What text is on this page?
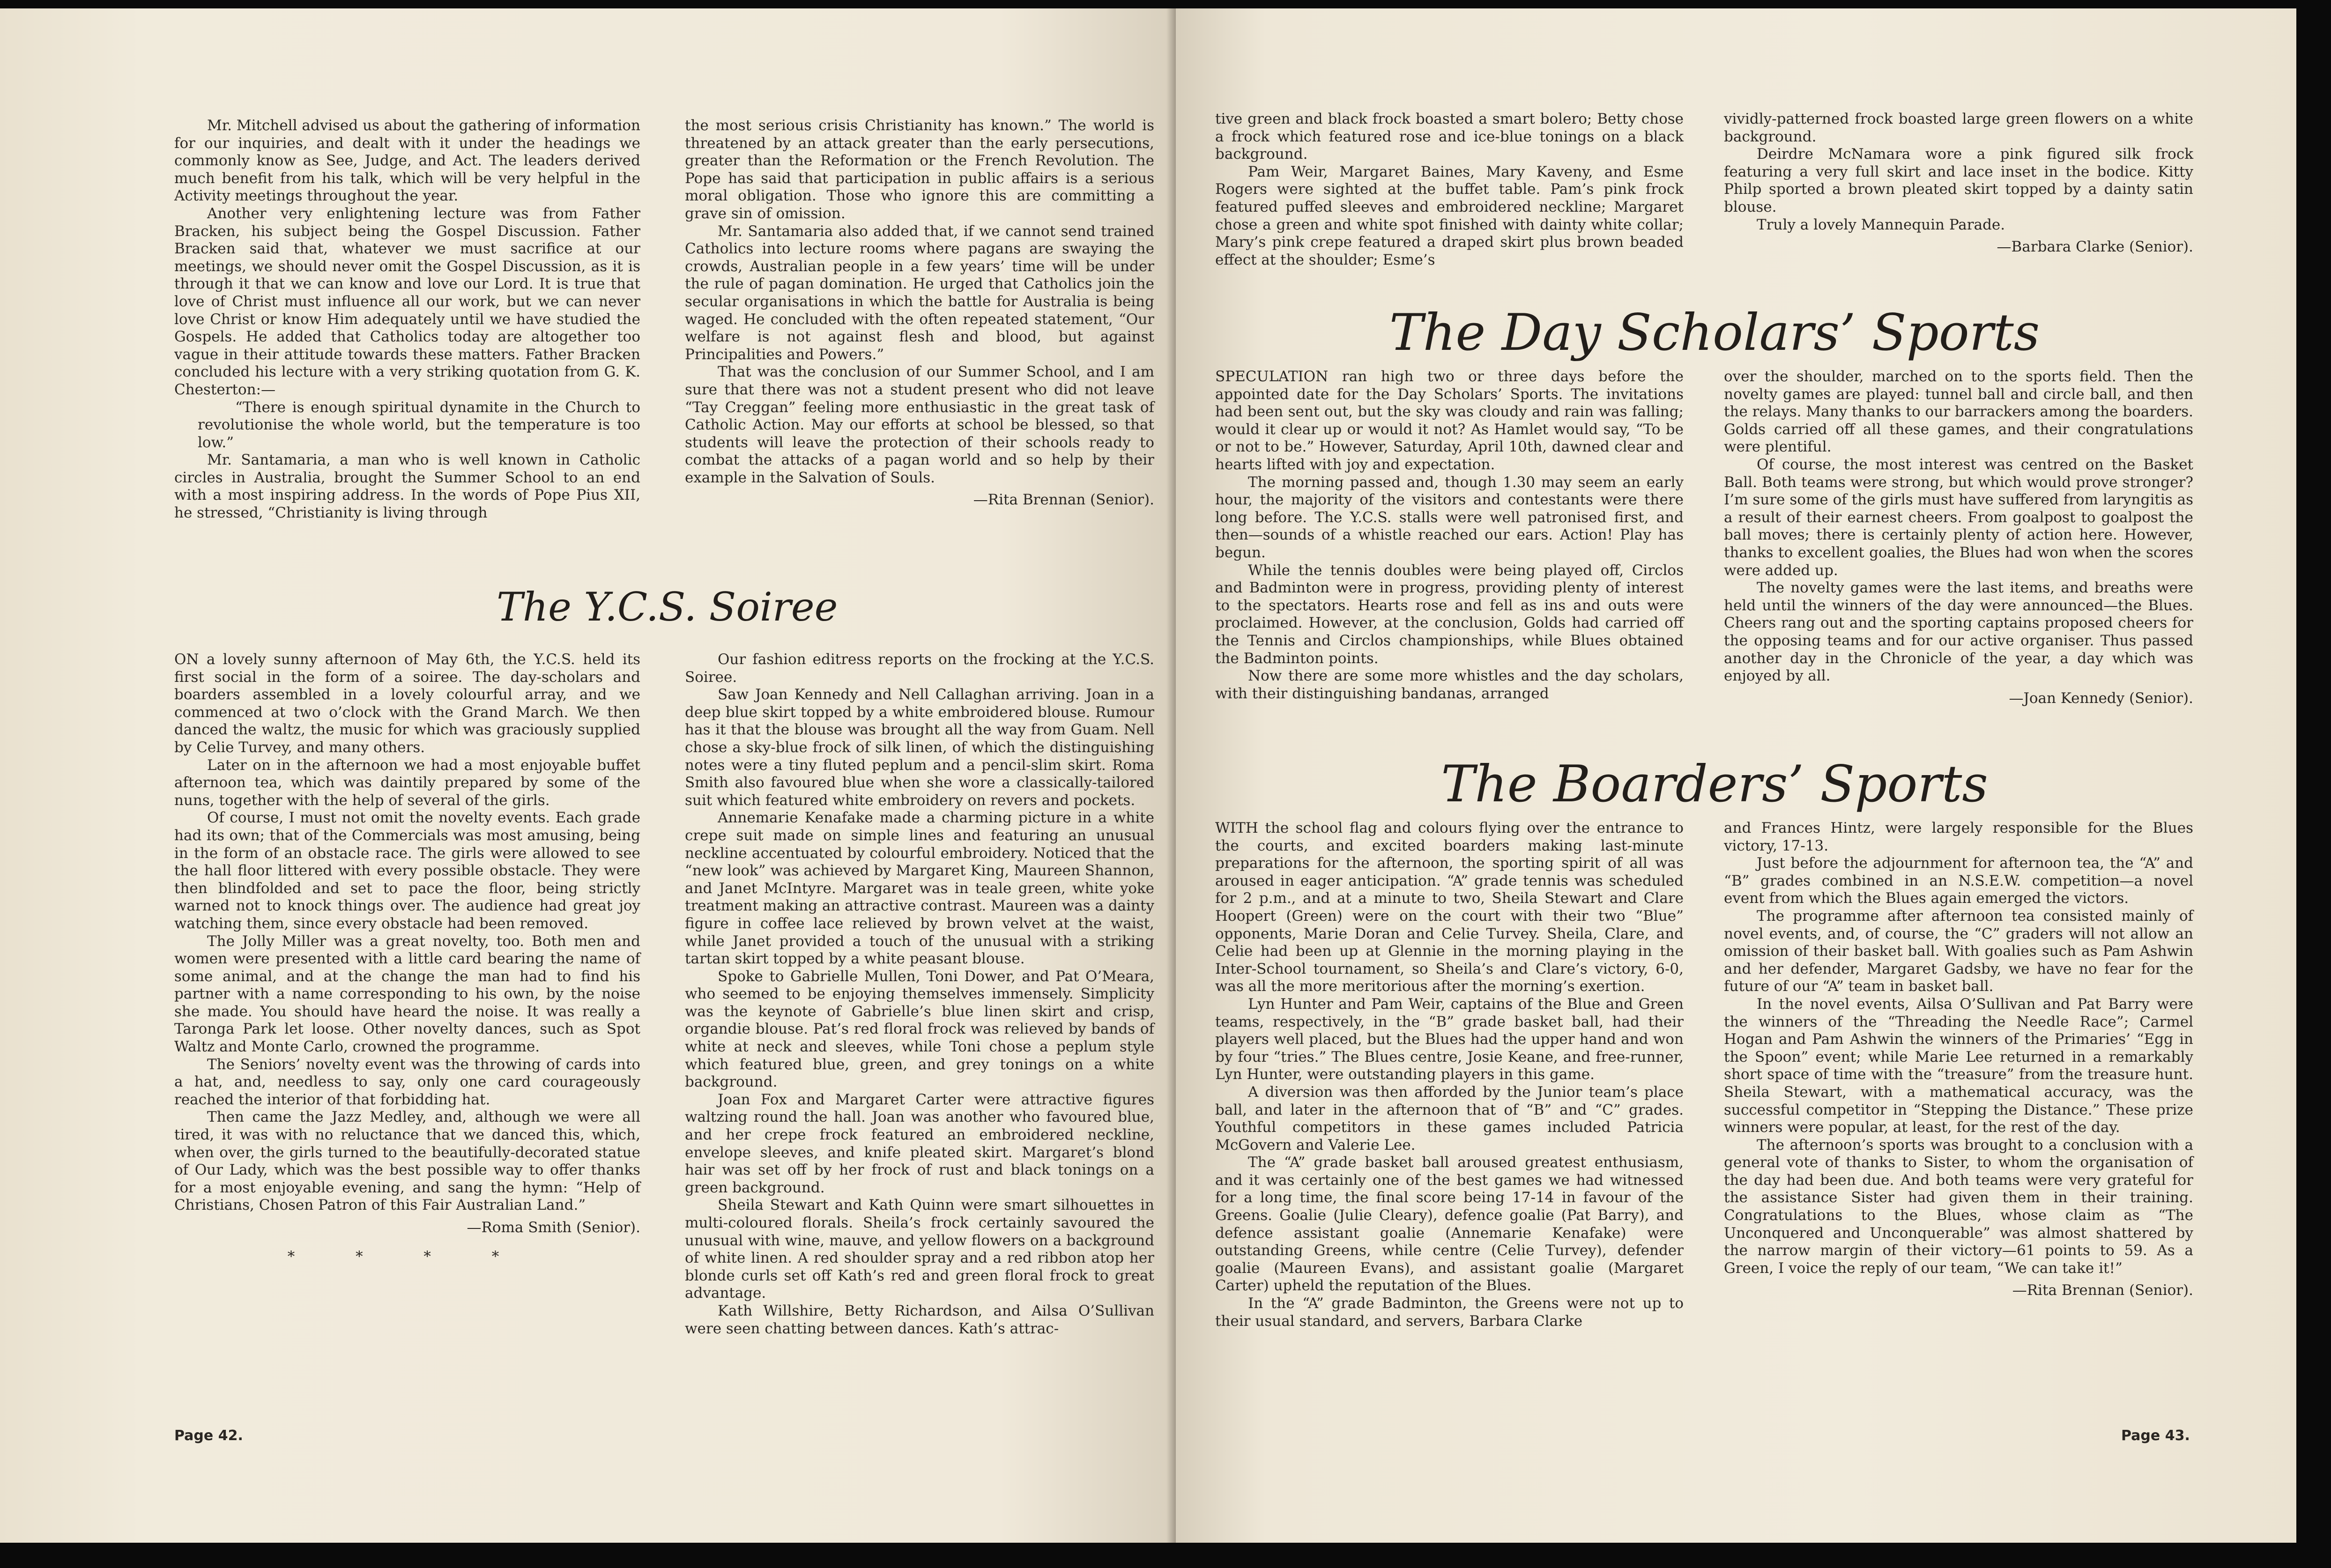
Mr. Mitchell advised us about the gathering of information for our inquiries, and dealt with it under the headings we commonly know as See, Judge, and Act. The leaders derived much benefit from his talk, which will be very helpful in the Activity meetings throughout the year.

Another very enlightening lecture was from Father Bracken, his subject being the Gospel Discussion. Father Bracken said that, whatever we must sacrifice at our meetings, we should never omit the Gospel Discussion, as it is through it that we can know and love our Lord. It is true that love of Christ must influence all our work, but we can never love Christ or know Him adequately until we have studied the Gospels. He added that Catholics today are altogether too vague in their attitude towards these matters. Father Bracken concluded his lecture with a very striking quotation from G. K. Chesterton:—

“There is enough spiritual dynamite in the Church to revolutionise the whole world, but the temperature is too low.”

Mr. Santamaria, a man who is well known in Catholic circles in Australia, brought the Summer School to an end with a most inspiring address. In the words of Pope Pius XII, he stressed, “Christianity is living through

the most serious crisis Christianity has known.” The world is threatened by an attack greater than the early persecutions, greater than the Reformation or the French Revolution. The Pope has said that participation in public affairs is a serious moral obligation. Those who ignore this are committing a grave sin of omission.

Mr. Santamaria also added that, if we cannot send trained Catholics into lecture rooms where pagans are swaying the crowds, Australian people in a few years’ time will be under the rule of pagan domination. He urged that Catholics join the secular organisations in which the battle for Australia is being waged. He concluded with the often repeated statement, “Our welfare is not against flesh and blood, but against Principalities and Powers.”

That was the conclusion of our Summer School, and I am sure that there was not a student present who did not leave “Tay Creggan” feeling more enthusiastic in the great task of Catholic Action. May our efforts at school be blessed, so that students will leave the protection of their schools ready to combat the attacks of a pagan world and so help by their example in the Salvation of Souls.

—Rita Brennan (Senior).

The Y.C.S. Soiree

ON a lovely sunny afternoon of May 6th, the Y.C.S. held its first social in the form of a soiree. The day-scholars and boarders assembled in a lovely colourful array, and we commenced at two o’clock with the Grand March. We then danced the waltz, the music for which was graciously supplied by Celie Turvey, and many others.

Later on in the afternoon we had a most enjoyable buffet afternoon tea, which was daintily prepared by some of the nuns, together with the help of several of the girls.

Of course, I must not omit the novelty events. Each grade had its own; that of the Commercials was most amusing, being in the form of an obstacle race. The girls were allowed to see the hall floor littered with every possible obstacle. They were then blindfolded and set to pace the floor, being strictly warned not to knock things over. The audience had great joy watching them, since every obstacle had been removed.

The Jolly Miller was a great novelty, too. Both men and women were presented with a little card bearing the name of some animal, and at the change the man had to find his partner with a name corresponding to his own, by the noise she made. You should have heard the noise. It was really a Taronga Park let loose. Other novelty dances, such as Spot Waltz and Monte Carlo, crowned the programme.

The Seniors’ novelty event was the throwing of cards into a hat, and, needless to say, only one card courageously reached the interior of that forbidding hat.

Then came the Jazz Medley, and, although we were all tired, it was with no reluctance that we danced this, which, when over, the girls turned to the beautifully-decorated statue of Our Lady, which was the best possible way to offer thanks for a most enjoyable evening, and sang the hymn: “Help of Christians, Chosen Patron of this Fair Australian Land.”

—Roma Smith (Senior).

* * * *

Our fashion editress reports on the frocking at the Y.C.S. Soiree.

Saw Joan Kennedy and Nell Callaghan arriving. Joan in a deep blue skirt topped by a white embroidered blouse. Rumour has it that the blouse was brought all the way from Guam. Nell chose a sky-blue frock of silk linen, of which the distinguishing notes were a tiny fluted peplum and a pencil-slim skirt. Roma Smith also favoured blue when she wore a classically-tailored suit which featured white embroidery on revers and pockets.

Annemarie Kenafake made a charming picture in a white crepe suit made on simple lines and featuring an unusual neckline accentuated by colourful embroidery. Noticed that the “new look” was achieved by Margaret King, Maureen Shannon, and Janet McIntyre. Margaret was in teale green, white yoke treatment making an attractive contrast. Maureen was a dainty figure in coffee lace relieved by brown velvet at the waist, while Janet provided a touch of the unusual with a striking tartan skirt topped by a white peasant blouse.

Spoke to Gabrielle Mullen, Toni Dower, and Pat O’Meara, who seemed to be enjoying themselves immensely. Simplicity was the keynote of Gabrielle’s blue linen skirt and crisp, organdie blouse. Pat’s red floral frock was relieved by bands of white at neck and sleeves, while Toni chose a peplum style which featured blue, green, and grey tonings on a white background.

Joan Fox and Margaret Carter were attractive figures waltzing round the hall. Joan was another who favoured blue, and her crepe frock featured an embroidered neckline, envelope sleeves, and knife pleated skirt. Margaret’s blond hair was set off by her frock of rust and black tonings on a green background.

Sheila Stewart and Kath Quinn were smart silhouettes in multi-coloured florals. Sheila’s frock certainly savoured the unusual with wine, mauve, and yellow flowers on a background of white linen. A red shoulder spray and a red ribbon atop her blonde curls set off Kath’s red and green floral frock to great advantage.

Kath Willshire, Betty Richardson, and Ailsa O’Sullivan were seen chatting between dances. Kath’s attrac-

Page 42.

tive green and black frock boasted a smart bolero; Betty chose a frock which featured rose and ice-blue tonings on a black background.

Pam Weir, Margaret Baines, Mary Kaveny, and Esme Rogers were sighted at the buffet table. Pam’s pink frock featured puffed sleeves and embroidered neckline; Margaret chose a green and white spot finished with dainty white collar; Mary’s pink crepe featured a draped skirt plus brown beaded effect at the shoulder; Esme’s

vividly-patterned frock boasted large green flowers on a white background.

Deirdre McNamara wore a pink figured silk frock featuring a very full skirt and lace inset in the bodice. Kitty Philp sported a brown pleated skirt topped by a dainty satin blouse.

Truly a lovely Mannequin Parade.

—Barbara Clarke (Senior).

The Day Scholars’ Sports

SPECULATION ran high two or three days before the appointed date for the Day Scholars’ Sports. The invitations had been sent out, but the sky was cloudy and rain was falling; would it clear up or would it not? As Hamlet would say, “To be or not to be.” However, Saturday, April 10th, dawned clear and hearts lifted with joy and expectation.

The morning passed and, though 1.30 may seem an early hour, the majority of the visitors and contestants were there long before. The Y.C.S. stalls were well patronised first, and then—sounds of a whistle reached our ears. Action! Play has begun.

While the tennis doubles were being played off, Circlos and Badminton were in progress, providing plenty of interest to the spectators. Hearts rose and fell as ins and outs were proclaimed. However, at the conclusion, Golds had carried off the Tennis and Circlos championships, while Blues obtained the Badminton points.

Now there are some more whistles and the day scholars, with their distinguishing bandanas, arranged

over the shoulder, marched on to the sports field. Then the novelty games are played: tunnel ball and circle ball, and then the relays. Many thanks to our barrackers among the boarders. Golds carried off all these games, and their congratulations were plentiful.

Of course, the most interest was centred on the Basket Ball. Both teams were strong, but which would prove stronger? I’m sure some of the girls must have suffered from laryngitis as a result of their earnest cheers. From goalpost to goalpost the ball moves; there is certainly plenty of action here. However, thanks to excellent goalies, the Blues had won when the scores were added up.

The novelty games were the last items, and breaths were held until the winners of the day were announced—the Blues. Cheers rang out and the sporting captains proposed cheers for the opposing teams and for our active organiser. Thus passed another day in the Chronicle of the year, a day which was enjoyed by all.

—Joan Kennedy (Senior).

The Boarders’ Sports

WITH the school flag and colours flying over the entrance to the courts, and excited boarders making last-minute preparations for the afternoon, the sporting spirit of all was aroused in eager anticipation. “A” grade tennis was scheduled for 2 p.m., and at a minute to two, Sheila Stewart and Clare Hoopert (Green) were on the court with their two “Blue” opponents, Marie Doran and Celie Turvey. Sheila, Clare, and Celie had been up at Glennie in the morning playing in the Inter-School tournament, so Sheila’s and Clare’s victory, 6-0, was all the more meritorious after the morning’s exertion.

Lyn Hunter and Pam Weir, captains of the Blue and Green teams, respectively, in the “B” grade basket ball, had their players well placed, but the Blues had the upper hand and won by four “tries.” The Blues centre, Josie Keane, and free-runner, Lyn Hunter, were outstanding players in this game.

A diversion was then afforded by the Junior team’s place ball, and later in the afternoon that of “B” and “C” grades. Youthful competitors in these games included Patricia McGovern and Valerie Lee.

The “A” grade basket ball aroused greatest enthusiasm, and it was certainly one of the best games we had witnessed for a long time, the final score being 17-14 in favour of the Greens. Goalie (Julie Cleary), defence goalie (Pat Barry), and defence assistant goalie (Annemarie Kenafake) were outstanding Greens, while centre (Celie Turvey), defender goalie (Maureen Evans), and assistant goalie (Margaret Carter) upheld the reputation of the Blues.

In the “A” grade Badminton, the Greens were not up to their usual standard, and servers, Barbara Clarke

and Frances Hintz, were largely responsible for the Blues victory, 17-13.

Just before the adjournment for afternoon tea, the “A” and “B” grades combined in an N.S.E.W. competition—a novel event from which the Blues again emerged the victors.

The programme after afternoon tea consisted mainly of novel events, and, of course, the “C” graders will not allow an omission of their basket ball. With goalies such as Pam Ashwin and her defender, Margaret Gadsby, we have no fear for the future of our “A” team in basket ball.

In the novel events, Ailsa O’Sullivan and Pat Barry were the winners of the “Threading the Needle Race”; Carmel Hogan and Pam Ashwin the winners of the Primaries’ “Egg in the Spoon” event; while Marie Lee returned in a remarkably short space of time with the “treasure” from the treasure hunt. Sheila Stewart, with a mathematical accuracy, was the successful competitor in “Stepping the Distance.” These prize winners were popular, at least, for the rest of the day.

The afternoon’s sports was brought to a conclusion with a general vote of thanks to Sister, to whom the organisation of the day had been due. And both teams were very grateful for the assistance Sister had given them in their training. Congratulations to the Blues, whose claim as “The Unconquered and Unconquerable” was almost shattered by the narrow margin of their victory—61 points to 59. As a Green, I voice the reply of our team, “We can take it!”

—Rita Brennan (Senior).

Page 43.
